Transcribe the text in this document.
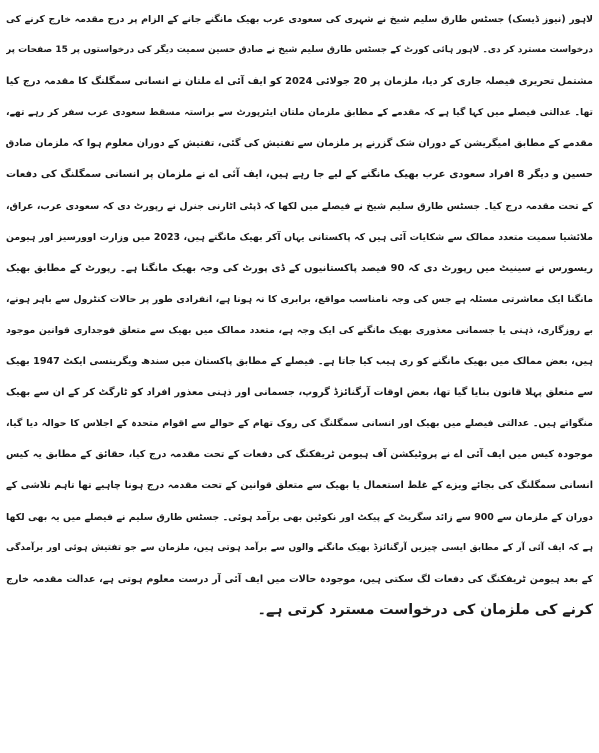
لاہور (نیوز ڈیسک) جسٹس طارق سلیم شیخ نے شہری کی سعودی عرب بھیک مانگنے جانے کے الزام پر درج مقدمہ خارج کرنے کی
درخواست مسترد کر دی۔ لاہور ہائی کورٹ کے جسٹس طارق سلیم شیخ نے صادق حسین سمیت دیگر کی درخواستوں پر 15 صفحات پر
مشتمل تحریری فیصلہ جاری کر دیا، ملزمان پر 20 جولائی 2024 کو ایف آئی اے ملتان نے انسانی سمگلنگ کا مقدمہ درج کیا
تھا۔ عدالتی فیصلے میں کہا گیا ہے کہ مقدمے کے مطابق ملزمان ملتان ایئرپورٹ سے براستہ مسقط سعودی عرب سفر کر رہے تھے،
مقدمے کے مطابق امیگریشن کے دوران شک گزرنے پر ملزمان سے تفتیش کی گئی، تفتیش کے دوران معلوم ہوا کہ ملزمان صادق
حسین و دیگر 8 افراد سعودی عرب بھیک مانگنے کے لیے جا رہے ہیں، ایف آئی اے نے ملزمان پر انسانی سمگلنگ کی دفعات
کے تحت مقدمہ درج کیا۔ جسٹس طارق سلیم شیخ نے فیصلے میں لکھا کہ ڈپٹی اٹارنی جنرل نے رپورٹ دی کہ سعودی عرب، عراق،
ملائشیا سمیت متعدد ممالک سے شکایات آئی ہیں کہ پاکستانی یہاں آکر بھیک مانگتے ہیں، 2023 میں وزارت اوورسیز اور ہیومن
ریسورس نے سینیٹ میں رپورٹ دی کہ 90 فیصد پاکستانیوں کے ڈی پورٹ کی وجہ بھیک مانگنا ہے۔ رپورٹ کے مطابق بھیک
مانگنا ایک معاشرتی مسئلہ ہے جس کی وجہ نامناسب مواقع، برابری کا نہ ہونا ہے، انفرادی طور پر حالات کنٹرول سے باہر ہونے،
بے روزگاری، ذہنی یا جسمانی معذوری بھیک مانگنے کی ایک وجہ ہے، متعدد ممالک میں بھیک سے متعلق فوجداری قوانین موجود
ہیں، بعض ممالک میں بھیک مانگنے کو ری ہیب کیا جاتا ہے۔ فیصلے کے مطابق پاکستان میں سندھ ویگرینسی ایکٹ 1947 بھیک
سے متعلق پہلا قانون بنایا گیا تھا، بعض اوقات آرگنائزڈ گروپ، جسمانی اور ذہنی معذور افراد کو ٹارگٹ کر کے ان سے بھیک
منگواتے ہیں۔ عدالتی فیصلے میں بھیک اور انسانی سمگلنگ کی روک تھام کے حوالے سے اقوام متحدہ کے اجلاس کا حوالہ دیا گیا،
موجودہ کیس میں ایف آئی اے نے پروٹیکشن آف ہیومن ٹریفکنگ کی دفعات کے تحت مقدمہ درج کیا، حقائق کے مطابق یہ کیس
انسانی سمگلنگ کی بجائے ویزے کے غلط استعمال یا بھیک سے متعلق قوانین کے تحت مقدمہ درج ہونا چاہیے تھا تاہم تلاشی کے
دوران کے ملزمان سے 900 سے زائد سگریٹ کے پیکٹ اور نکوٹین بھی برآمد ہوئی۔ جسٹس طارق سلیم نے فیصلے میں یہ بھی لکھا
ہے کہ ایف آئی آر کے مطابق ایسی چیزیں آرگنائزڈ بھیک مانگنے والوں سے برآمد ہوتی ہیں، ملزمان سے جو تفتیش ہوئی اور برآمدگی
کے بعد ہیومن ٹریفکنگ کی دفعات لگ سکتی ہیں، موجودہ حالات میں ایف آئی آر درست معلوم ہوتی ہے، عدالت مقدمہ خارج
کرنے کی ملزمان کی درخواست مسترد کرتی ہے۔
